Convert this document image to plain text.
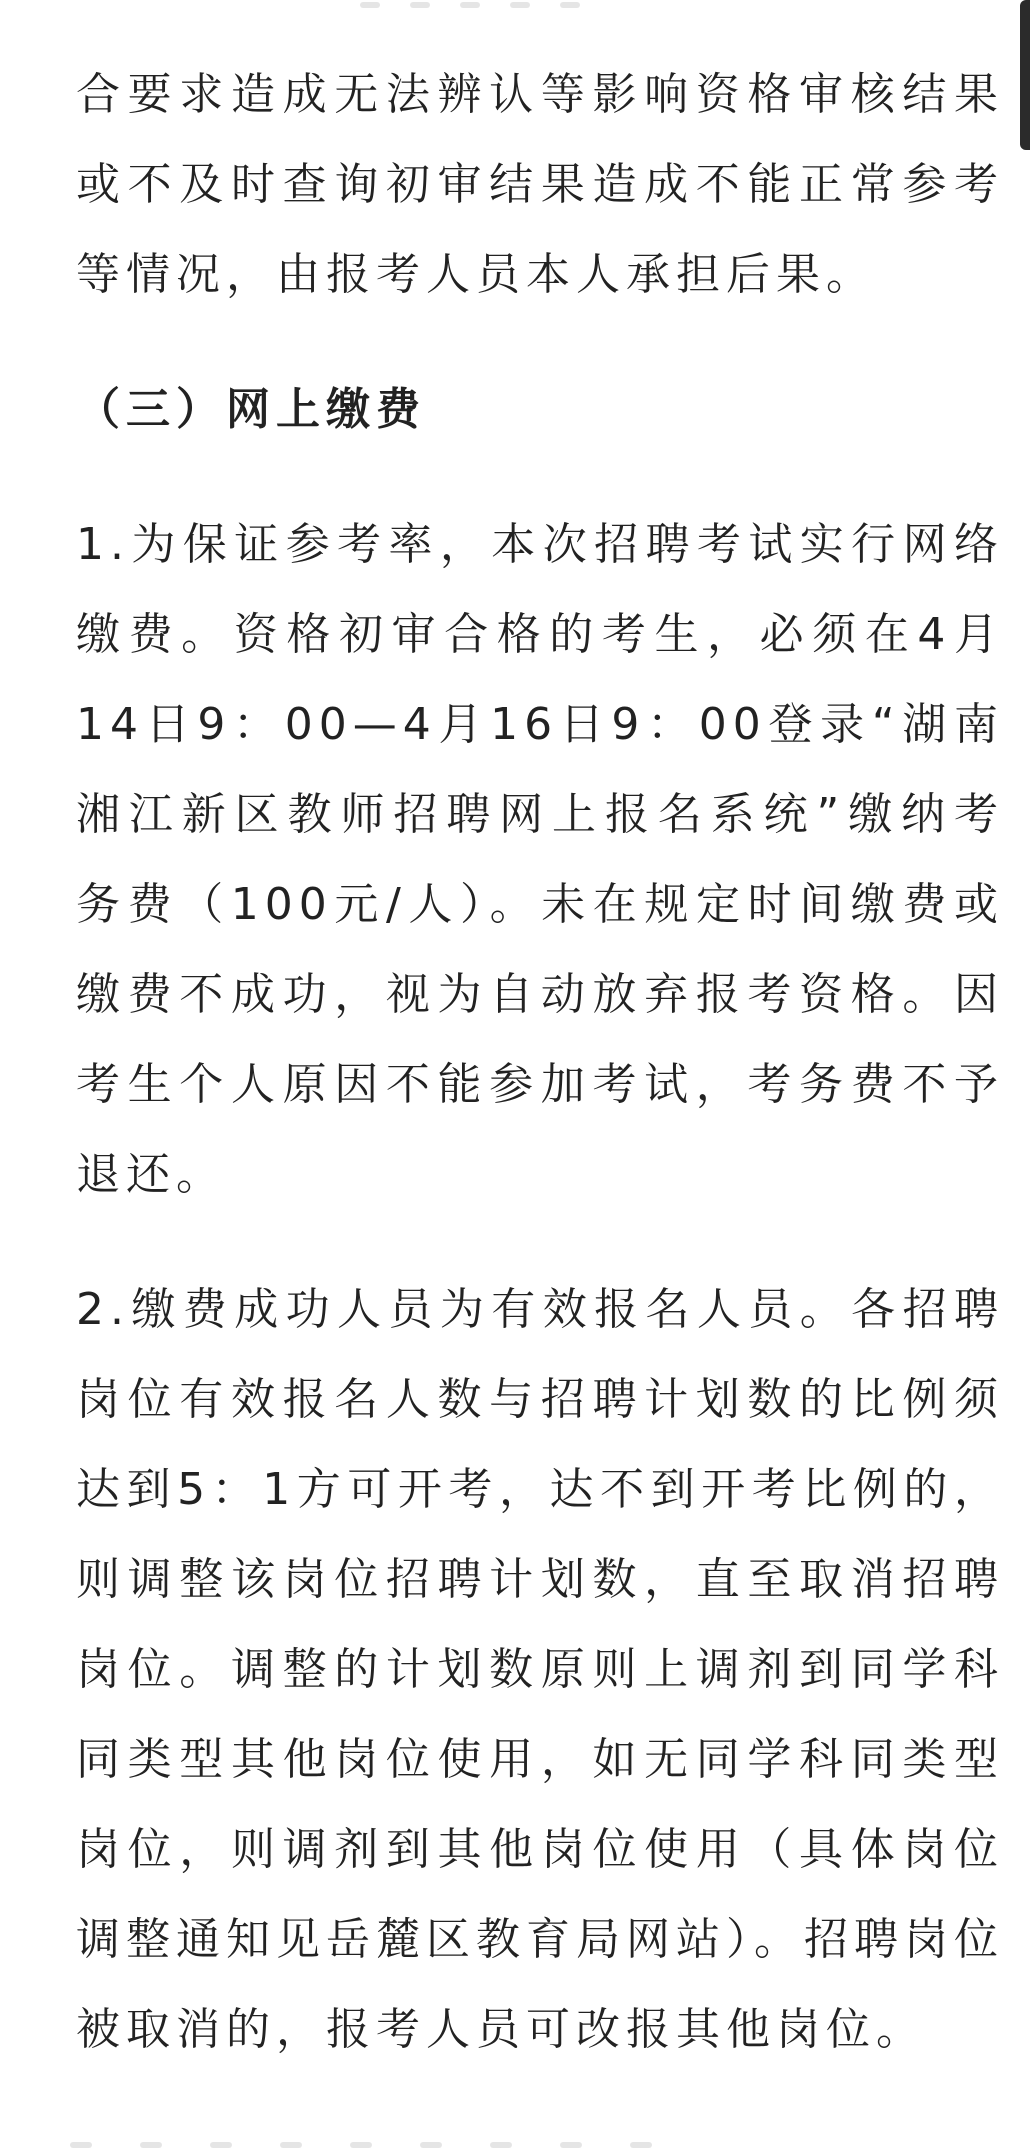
合要求造成无法辨认等影响资格审核结果或不及时查询初审结果造成不能正常参考等情况，由报考人员本人承担后果。

（三）网上缴费

1.为保证参考率，本次招聘考试实行网络缴费。资格初审合格的考生，必须在4月14日9：00—4月16日9：00登录“湖南湘江新区教师招聘网上报名系统”缴纳考务费（100元/人）。未在规定时间缴费或缴费不成功，视为自动放弃报考资格。因考生个人原因不能参加考试，考务费不予退还。

2.缴费成功人员为有效报名人员。各招聘岗位有效报名人数与招聘计划数的比例须达到5：1方可开考，达不到开考比例的，则调整该岗位招聘计划数，直至取消招聘岗位。调整的计划数原则上调剂到同学科同类型其他岗位使用，如无同学科同类型岗位，则调剂到其他岗位使用（具体岗位调整通知见岳麓区教育局网站）。招聘岗位被取消的，报考人员可改报其他岗位。
